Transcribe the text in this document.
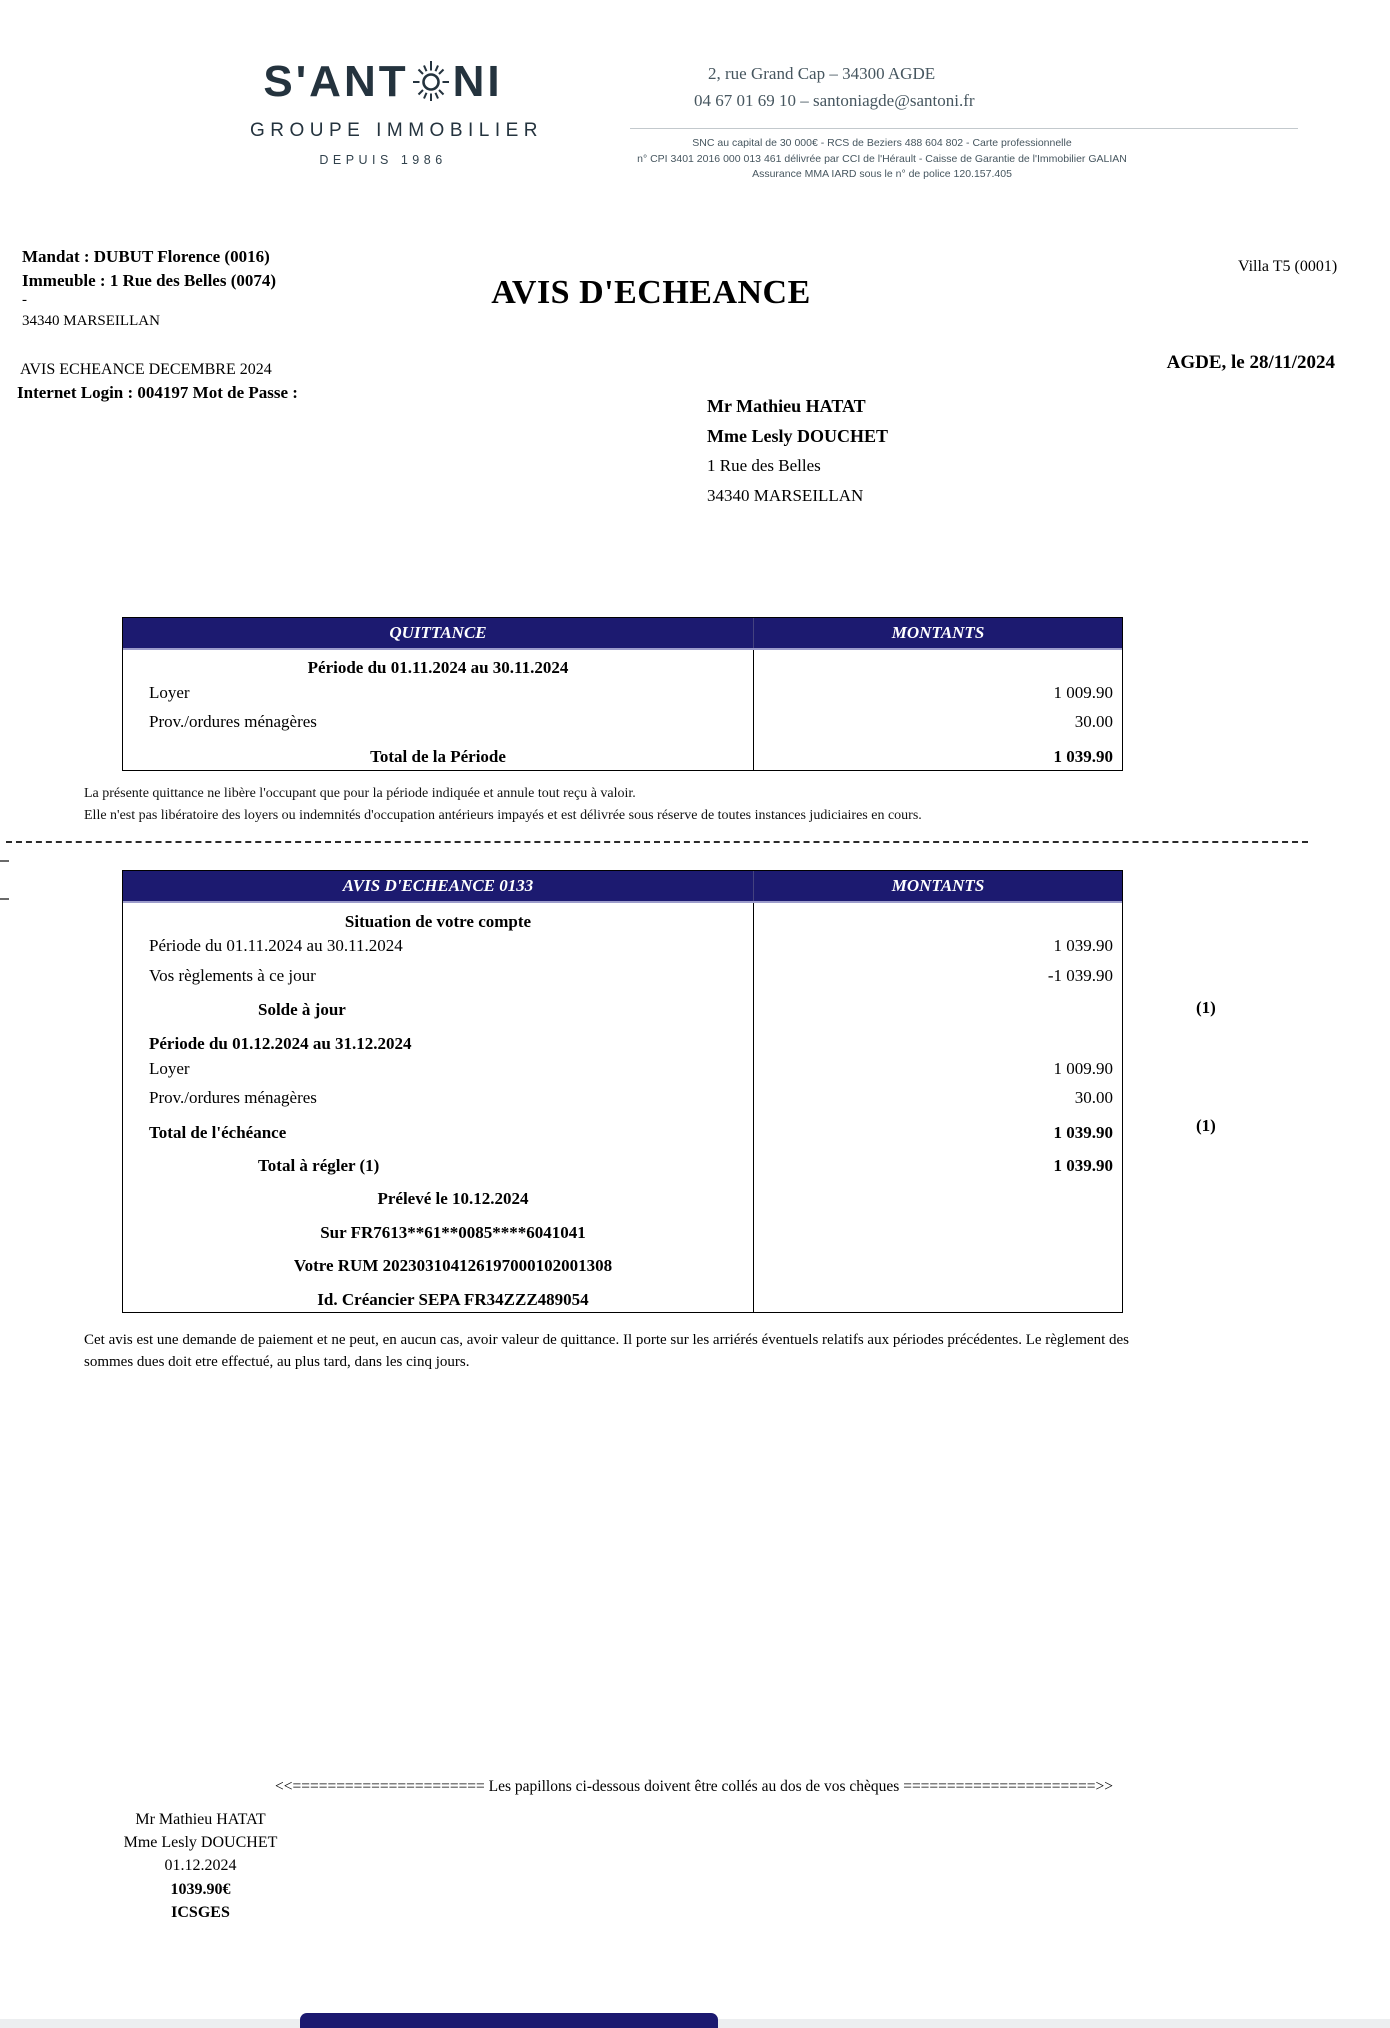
S'ANT NI
GROUPE IMMOBILIER
DEPUIS 1986
2, rue Grand Cap – 34300 AGDE
04 67 01 69 10 – santoniagde@santoni.fr
SNC au capital de 30 000€ - RCS de Beziers 488 604 802 - Carte professionnelle
n° CPI 3401 2016 000 013 461 délivrée par CCI de l'Hérault - Caisse de Garantie de l'Immobilier GALIAN
Assurance MMA IARD sous le n° de police 120.157.405
Mandat : DUBUT Florence (0016)
Immeuble : 1 Rue des Belles (0074)
-
34340 MARSEILLAN
AVIS ECHEANCE DECEMBRE 2024
Internet Login : 004197 Mot de Passe :
AVIS D'ECHEANCE
Villa T5 (0001)
AGDE, le 28/11/2024
Mr Mathieu HATAT
Mme Lesly DOUCHET
1 Rue des Belles
34340 MARSEILLAN
QUITTANCE	MONTANTS
Période du 01.11.2024 au 30.11.2024
Loyer	1 009.90
Prov./ordures ménagères	30.00
Total de la Période	1 039.90
La présente quittance ne libère l'occupant que pour la période indiquée et annule tout reçu à valoir.
Elle n'est pas libératoire des loyers ou indemnités d'occupation antérieurs impayés et est délivrée sous réserve de toutes instances judiciaires en cours.
AVIS D'ECHEANCE 0133	MONTANTS
Situation de votre compte
Période du 01.11.2024 au 30.11.2024	1 039.90
Vos règlements à ce jour	-1 039.90
Solde à jour
Période du 01.12.2024 au 31.12.2024
Loyer	1 009.90
Prov./ordures ménagères	30.00
Total de l'échéance	1 039.90
Total à régler (1)	1 039.90
Prélevé le 10.12.2024
Sur FR7613**61**0085****6041041
Votre RUM 202303104126197000102001308
Id. Créancier SEPA FR34ZZZ489054
(1)
(1)
Cet avis est une demande de paiement et ne peut, en aucun cas, avoir valeur de quittance. Il porte sur les arriérés éventuels relatifs aux périodes précédentes. Le règlement des
sommes dues doit etre effectué, au plus tard, dans les cinq jours.
<<====================== Les papillons ci-dessous doivent être collés au dos de vos chèques ======================>>
Mr Mathieu HATAT
Mme Lesly DOUCHET
01.12.2024
1039.90€
ICSGES
